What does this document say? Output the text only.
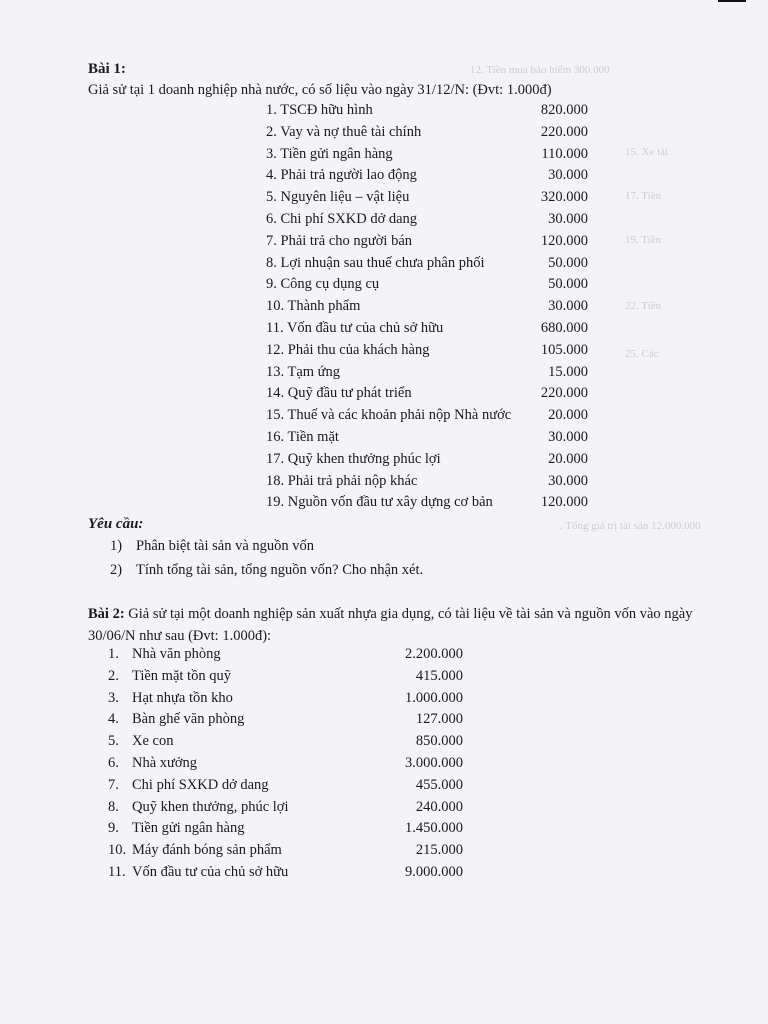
12. Tiền mua bảo hiểm 300.000
15. Xe tải
17. Tiền
19. Tiền
22. Tiền
25. Các
. Tổng giá trị tài sản 12.000.000
Bài 1:
Giả sử tại 1 doanh nghiệp nhà nước, có số liệu vào ngày 31/12/N: (Đvt: 1.000đ)
1. TSCĐ hữu hình	820.000
2. Vay và nợ thuê tài chính	220.000
3. Tiền gửi ngân hàng	110.000
4. Phải trả người lao động	30.000
5. Nguyên liệu – vật liệu	320.000
6. Chi phí SXKD dở dang	30.000
7. Phải trả cho người bán	120.000
8. Lợi nhuận sau thuế chưa phân phối	50.000
9. Công cụ dụng cụ	50.000
10. Thành phẩm	30.000
11. Vốn đầu tư của chủ sở hữu	680.000
12. Phải thu của khách hàng	105.000
13. Tạm ứng	15.000
14. Quỹ đầu tư phát triển	220.000
15. Thuế và các khoản phải nộp Nhà nước	20.000
16. Tiền mặt	30.000
17. Quỹ khen thưởng phúc lợi	20.000
18. Phải trả phải nộp khác	30.000
19. Nguồn vốn đầu tư xây dựng cơ bản	120.000
Yêu cầu:
1) Phân biệt tài sản và nguồn vốn
2) Tính tổng tài sản, tổng nguồn vốn? Cho nhận xét.
Bài 2: Giả sử tại một doanh nghiệp sản xuất nhựa gia dụng, có tài liệu về tài sản và nguồn vốn vào ngày 30/06/N như sau (Đvt: 1.000đ):
1. Nhà văn phòng	2.200.000
2. Tiền mặt tồn quỹ	415.000
3. Hạt nhựa tồn kho	1.000.000
4. Bàn ghế văn phòng	127.000
5. Xe con	850.000
6. Nhà xưởng	3.000.000
7. Chi phí SXKD dở dang	455.000
8. Quỹ khen thưởng, phúc lợi	240.000
9. Tiền gửi ngân hàng	1.450.000
10. Máy đánh bóng sản phẩm	215.000
11. Vốn đầu tư của chủ sở hữu	9.000.000
